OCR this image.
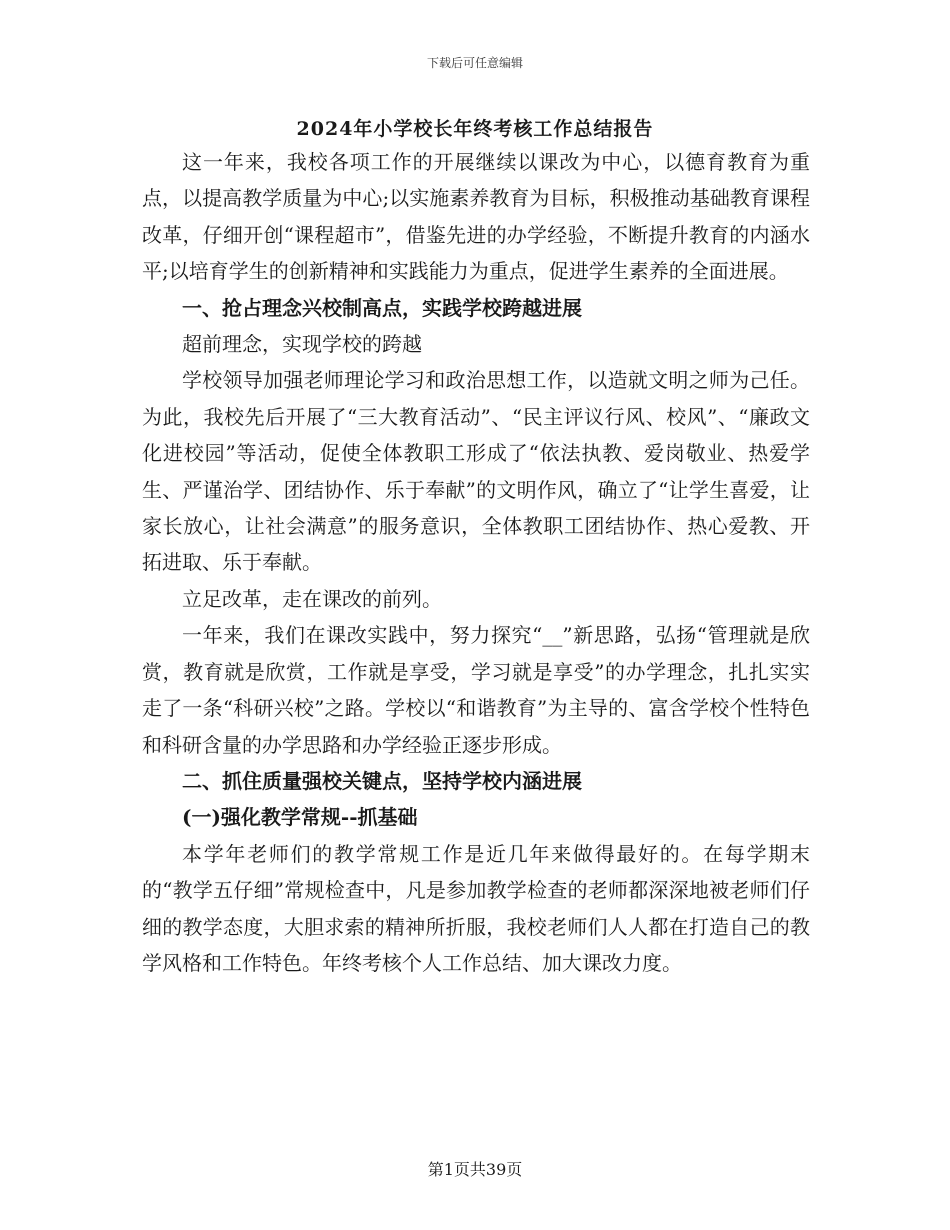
下载后可任意编辑
2024年小学校长年终考核工作总结报告

这一年来，我校各项工作的开展继续以课改为中心，以德育教育为重点，以提高教学质量为中心;以实施素养教育为目标，积极推动基础教育课程改革，仔细开创“课程超市”，借鉴先进的办学经验，不断提升教育的内涵水平;以培育学生的创新精神和实践能力为重点，促进学生素养的全面进展。

一、抢占理念兴校制高点，实践学校跨越进展

超前理念，实现学校的跨越

学校领导加强老师理论学习和政治思想工作，以造就文明之师为己任。为此，我校先后开展了“三大教育活动”、“民主评议行风、校风”、“廉政文化进校园”等活动，促使全体教职工形成了“依法执教、爱岗敬业、热爱学生、严谨治学、团结协作、乐于奉献”的文明作风，确立了“让学生喜爱，让家长放心，让社会满意”的服务意识，全体教职工团结协作、热心爱教、开拓进取、乐于奉献。

立足改革，走在课改的前列。

一年来，我们在课改实践中，努力探究“__”新思路，弘扬“管理就是欣赏，教育就是欣赏，工作就是享受，学习就是享受”的办学理念，扎扎实实走了一条“科研兴校”之路。学校以“和谐教育”为主导的、富含学校个性特色和科研含量的办学思路和办学经验正逐步形成。

二、抓住质量强校关键点，坚持学校内涵进展

(一)强化教学常规--抓基础

本学年老师们的教学常规工作是近几年来做得最好的。在每学期末的“教学五仔细”常规检查中，凡是参加教学检查的老师都深深地被老师们仔细的教学态度，大胆求索的精神所折服，我校老师们人人都在打造自己的教学风格和工作特色。年终考核个人工作总结、加大课改力度。

第1页共39页
